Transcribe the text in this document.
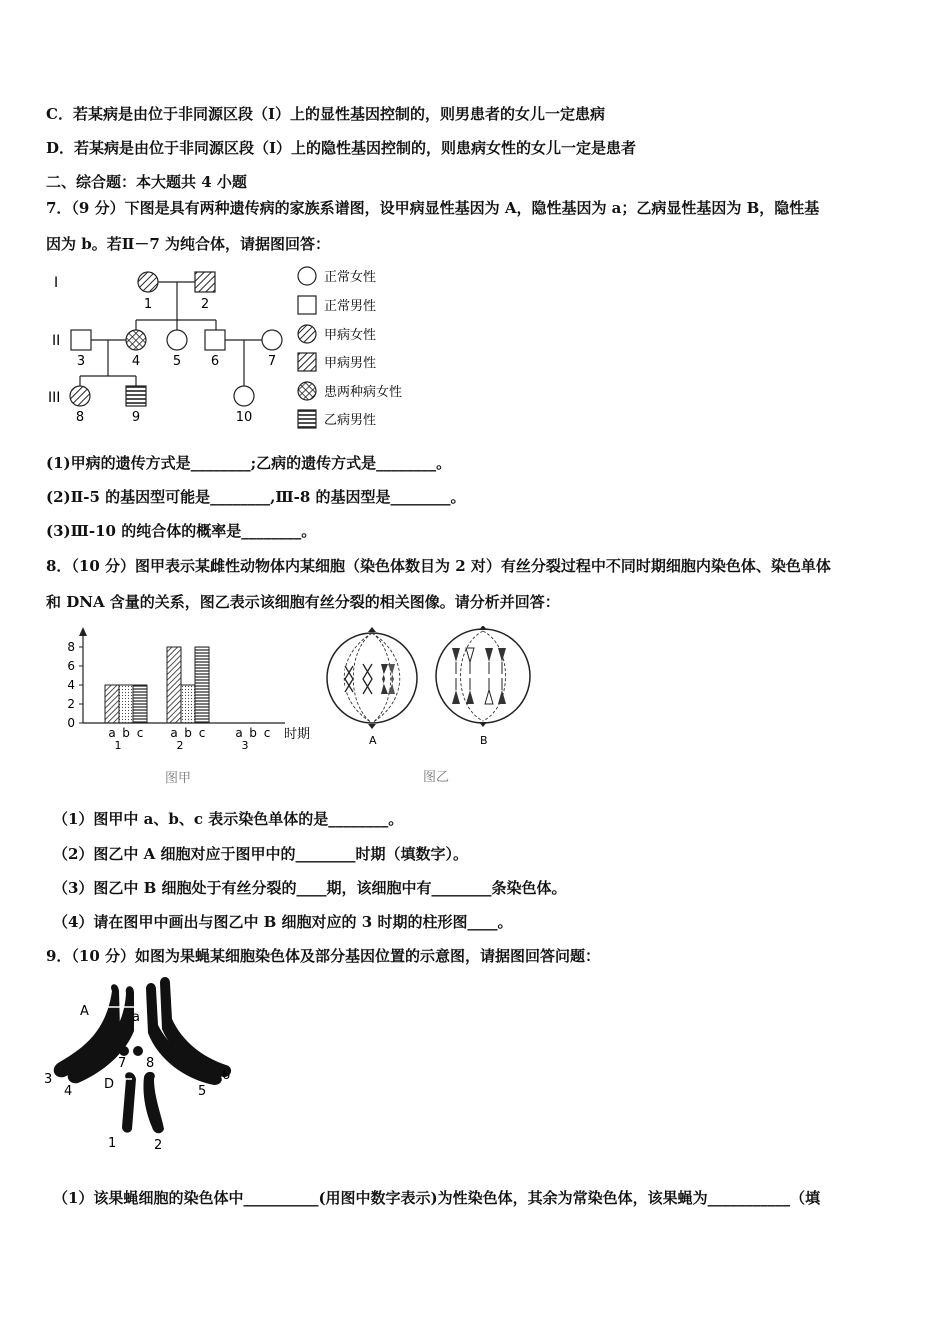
C．若某病是由位于非同源区段（I）上的显性基因控制的，则男患者的女儿一定患病
D．若某病是由位于非同源区段（I）上的隐性基因控制的，则患病女性的女儿一定是患者
二、综合题：本大题共 4 小题
7．（9 分）下图是具有两种遗传病的家族系谱图，设甲病显性基因为 A，隐性基因为 a；乙病显性基因为 B，隐性基
因为 b。若Ⅱ－7 为纯合体，请据图回答：
I
II
III
1	2
3	4	5 6	7
8	9	10
正常女性
正常男性
甲病女性
甲病男性
患两种病女性
乙病男性
(1)甲病的遗传方式是________;乙病的遗传方式是________。
(2)Ⅱ-5 的基因型可能是________,Ⅲ-8 的基因型是________。
(3)Ⅲ-10 的纯合体的概率是________。
8．（10 分）图甲表示某雌性动物体内某细胞（染色体数目为 2 对）有丝分裂过程中不同时期细胞内染色体、染色单体
和 DNA 含量的关系，图乙表示该细胞有丝分裂的相关图像。请分析并回答：
时期
图甲
0
2
4
6
8
a b c
1
a b c
2
a b c
3	A	B
图乙
（1）图甲中 a、b、c 表示染色单体的是________。
（2）图乙中 A 细胞对应于图甲中的________时期（填数字）。
（3）图乙中 B 细胞处于有丝分裂的____期，该细胞中有________条染色体。
（4）请在图甲中画出与图乙中 B 细胞对应的 3 时期的柱形图____。
9．（10 分）如图为果蝇某细胞染色体及部分基因位置的示意图，请据图回答问题：
A	a
D
1	2
3
4	5
6
7 8
（1）该果蝇细胞的染色体中__________(用图中数字表示)为性染色体，其余为常染色体，该果蝇为___________（填
